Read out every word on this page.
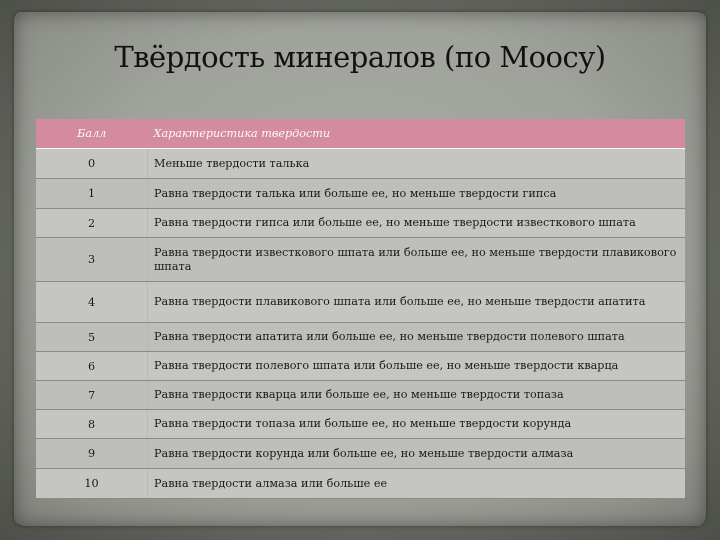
Твёрдость минералов (по Моосу)
Балл	Характеристика твердости
0	Меньше твердости талька
1	Равна твердости талька или больше ее, но меньше твердости гипса
2	Равна твердости гипса или больше ее, но меньше твердости известкового шпата
3	Равна твердости известкового шпата или больше ее, но меньше твердости плавикового шпата
4	Равна твердости плавикового шпата или больше ее, но меньше твердости апатита
5	Равна твердости апатита или больше ее, но меньше твердости полевого шпата
6	Равна твердости полевого шпата или больше ее, но меньше твердости кварца
7	Равна твердости кварца или больше ее, но меньше твердости топаза
8	Равна твердости топаза или больше ее, но меньше твердости корунда
9	Равна твердости корунда или больше ее, но меньше твердости алмаза
10	Равна твердости алмаза или больше ее
